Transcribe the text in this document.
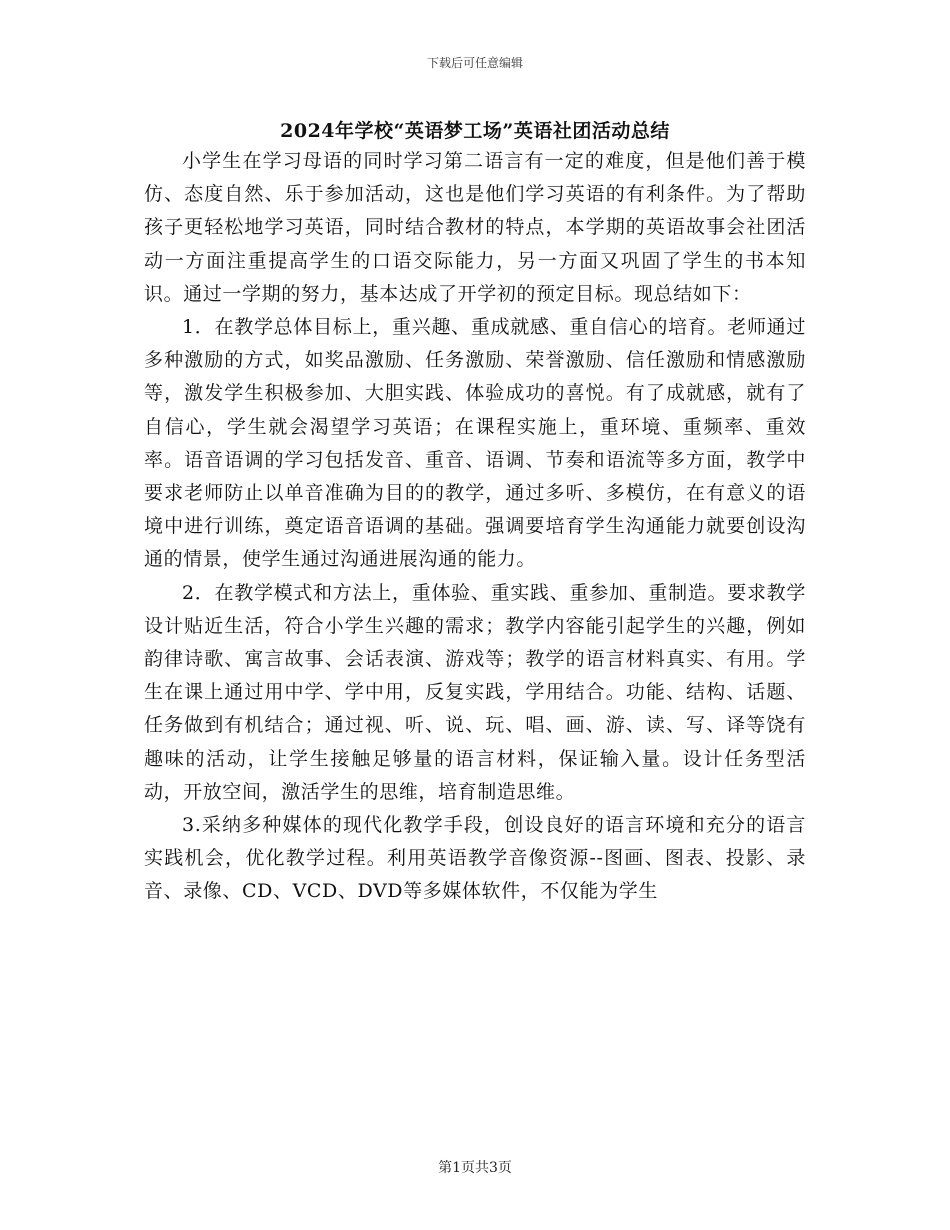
下载后可任意编辑
2024年学校“英语梦工场”英语社团活动总结

小学生在学习母语的同时学习第二语言有一定的难度，但是他们善于模仿、态度自然、乐于参加活动，这也是他们学习英语的有利条件。为了帮助孩子更轻松地学习英语，同时结合教材的特点，本学期的英语故事会社团活动一方面注重提高学生的口语交际能力，另一方面又巩固了学生的书本知识。通过一学期的努力，基本达成了开学初的预定目标。现总结如下：

1．在教学总体目标上，重兴趣、重成就感、重自信心的培育。老师通过多种激励的方式，如奖品激励、任务激励、荣誉激励、信任激励和情感激励等，激发学生积极参加、大胆实践、体验成功的喜悦。有了成就感，就有了自信心，学生就会渴望学习英语；在课程实施上，重环境、重频率、重效率。语音语调的学习包括发音、重音、语调、节奏和语流等多方面，教学中要求老师防止以单音准确为目的的教学，通过多听、多模仿，在有意义的语境中进行训练，奠定语音语调的基础。强调要培育学生沟通能力就要创设沟通的情景，使学生通过沟通进展沟通的能力。

2．在教学模式和方法上，重体验、重实践、重参加、重制造。要求教学设计贴近生活，符合小学生兴趣的需求；教学内容能引起学生的兴趣，例如韵律诗歌、寓言故事、会话表演、游戏等；教学的语言材料真实、有用。学生在课上通过用中学、学中用，反复实践，学用结合。功能、结构、话题、任务做到有机结合；通过视、听、说、玩、唱、画、游、读、写、译等饶有趣味的活动，让学生接触足够量的语言材料，保证输入量。设计任务型活动，开放空间，激活学生的思维，培育制造思维。

3.采纳多种媒体的现代化教学手段，创设良好的语言环境和充分的语言实践机会，优化教学过程。利用英语教学音像资源--图画、图表、投影、录音、录像、CD、VCD、DVD等多媒体软件，不仅能为学生

第1页共3页
